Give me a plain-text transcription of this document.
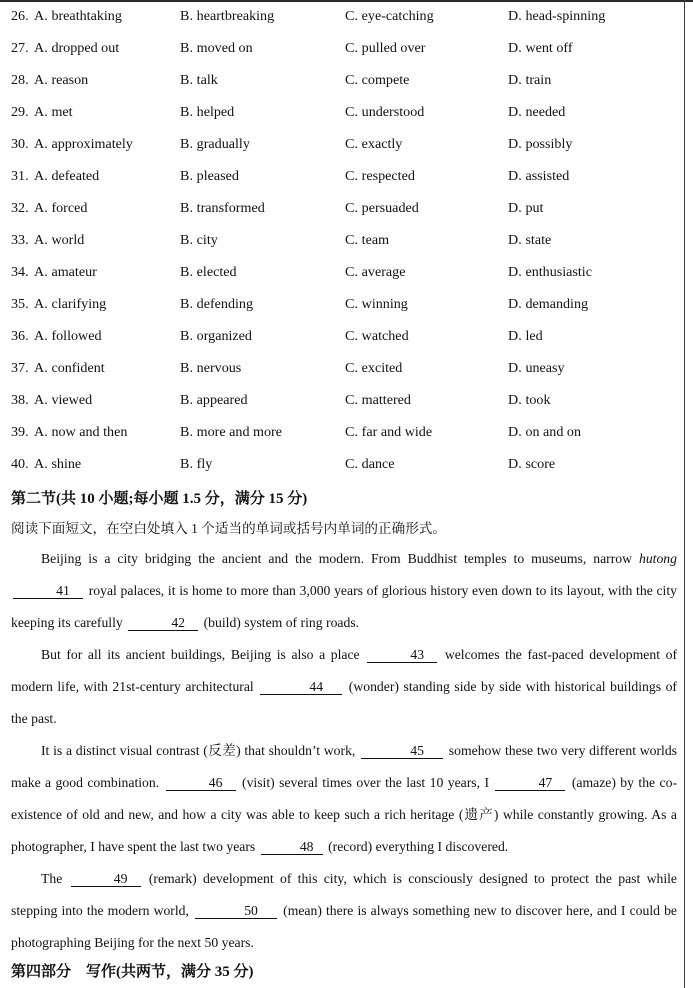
26. A. breathtaking	B. heartbreaking	C. eye-catching	D. head-spinning
27. A. dropped out	B. moved on	C. pulled over	D. went off
28. A. reason	B. talk	C. compete	D. train
29. A. met	B. helped	C. understood	D. needed
30. A. approximately	B. gradually	C. exactly	D. possibly
31. A. defeated	B. pleased	C. respected	D. assisted
32. A. forced	B. transformed	C. persuaded	D. put
33. A. world	B. city	C. team	D. state
34. A. amateur	B. elected	C. average	D. enthusiastic
35. A. clarifying	B. defending	C. winning	D. demanding
36. A. followed	B. organized	C. watched	D. led
37. A. confident	B. nervous	C. excited	D. uneasy
38. A. viewed	B. appeared	C. mattered	D. took
39. A. now and then	B. more and more	C. far and wide	D. on and on
40. A. shine	B. fly	C. dance	D. score
第二节(共 10 小题;每小题 1.5 分，满分 15 分)
阅读下面短文，在空白处填入 1 个适当的单词或括号内单词的正确形式。

Beijing is a city bridging the ancient and the modern. From Buddhist temples to museums, narrow hutong41 royal palaces, it is home to more than 3,000 years of glorious history even down to its layout, with the city keeping its carefully	42 (build) system of ring roads.

But for all its ancient buildings, Beijing is also a place	43 welcomes the fast-paced development of modern life, with 21st-century architectural	44 (wonder) standing side by side with historical buildings of the past.

It is a distinct visual contrast (反差) that shouldn’t work,	45 somehow these two very different worlds make a good combination.	46 (visit) several times over the last 10 years, I	47 (amaze) by the co-existence of old and new, and how a city was able to keep such a rich heritage (遗产) while constantly growing. As a photographer, I have spent the last two years	48 (record) everything I discovered.

The	49 (remark) development of this city, which is consciously designed to protect the past while stepping into the modern world,	50 (mean) there is always something new to discover here, and I could be photographing Beijing for the next 50 years.

第四部分　写作(共两节，满分 35 分)
